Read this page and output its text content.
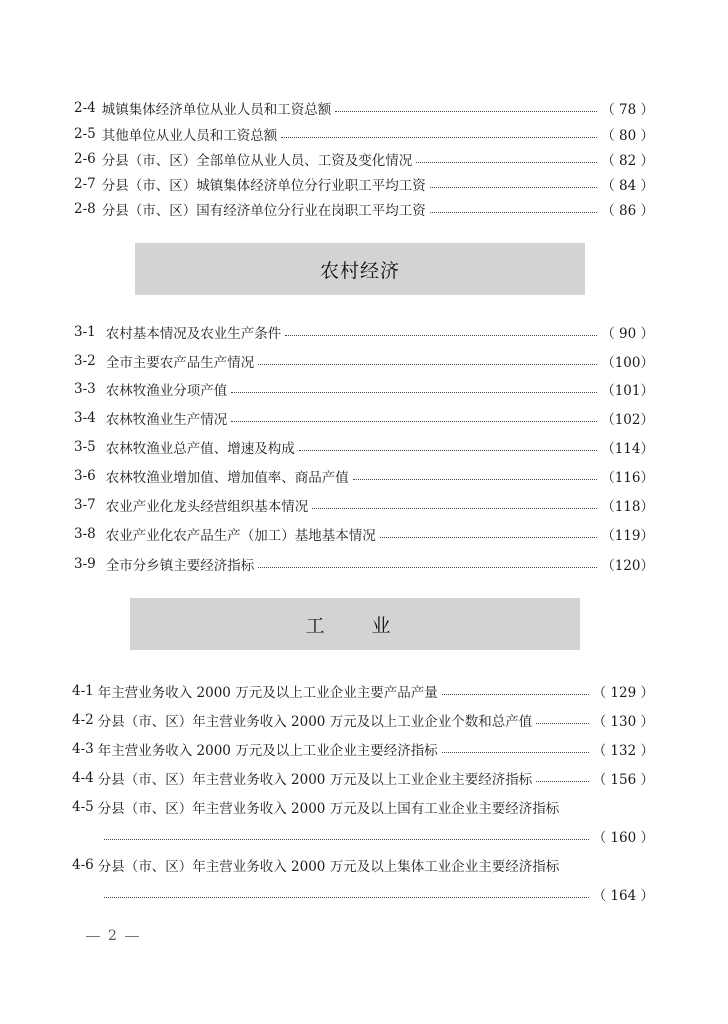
2-4 城镇集体经济单位从业人员和工资总额	（ 78 ）
2-5 其他单位从业人员和工资总额	（ 80 ）
2-6 分县（市、区）全部单位从业人员、工资及变化情况	（ 82 ）
2-7 分县（市、区）城镇集体经济单位分行业职工平均工资	（ 84 ）
2-8 分县（市、区）国有经济单位分行业在岗职工平均工资	（ 86 ）
农村经济
3-1 农村基本情况及农业生产条件	（ 90 ）
3-2 全市主要农产品生产情况	（100）
3-3 农林牧渔业分项产值	（101）
3-4 农林牧渔业生产情况	（102）
3-5 农林牧渔业总产值、增速及构成	（114）
3-6 农林牧渔业增加值、增加值率、商品产值	（116）
3-7 农业产业化龙头经营组织基本情况	（118）
3-8 农业产业化农产品生产（加工）基地基本情况	（119）
3-9 全市分乡镇主要经济指标	（120）
工　业
4-1 年主营业务收入 2000 万元及以上工业企业主要产品产量	（ 129 ）
4-2 分县（市、区）年主营业务收入 2000 万元及以上工业企业个数和总产值	（ 130 ）
4-3 年主营业务收入 2000 万元及以上工业企业主要经济指标	（ 132 ）
4-4 分县（市、区）年主营业务收入 2000 万元及以上工业企业主要经济指标	（ 156 ）
4-5 分县（市、区）年主营业务收入 2000 万元及以上国有工业企业主要经济指标
（ 160 ）
4-6 分县（市、区）年主营业务收入 2000 万元及以上集体工业企业主要经济指标
（ 164 ）
2
